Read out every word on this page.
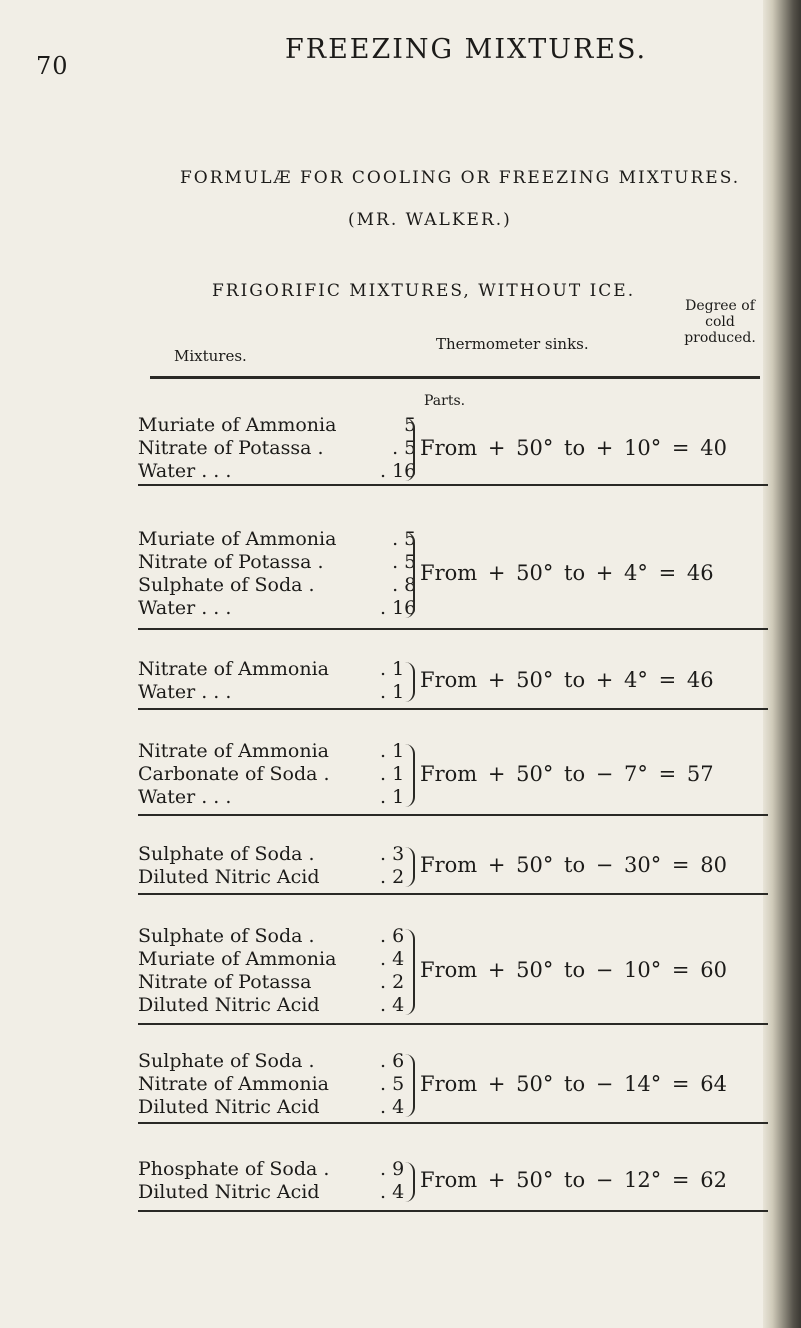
70
FREEZING MIXTURES.
FORMULÆ FOR COOLING OR FREEZING MIXTURES.
(MR. WALKER.)
FRIGORIFIC MIXTURES, WITHOUT ICE.
Mixtures.
Thermometer sinks.
Degree of
cold
produced.
Parts.
Muriate of Ammonia
Nitrate of Potassa .
Water . . .
5
. 5
. 16
From + 50° to + 10° = 40
Muriate of Ammonia
Nitrate of Potassa .
Sulphate of Soda .
Water . . .
. 5
. 5
. 8
. 16
From + 50° to + 4° = 46
Nitrate of Ammonia
Water . . .
. 1
. 1 From + 50° to + 4° = 46
Nitrate of Ammonia
Carbonate of Soda .
Water . . .
. 1
. 1
. 1
From + 50° to − 7° = 57
Sulphate of Soda .
Diluted Nitric Acid
. 3
. 2 From + 50° to − 30° = 80
Sulphate of Soda .
Muriate of Ammonia
Nitrate of Potassa
Diluted Nitric Acid
. 6
. 4
. 2
. 4
From + 50° to − 10° = 60
Sulphate of Soda .
Nitrate of Ammonia
Diluted Nitric Acid
. 6
. 5
. 4
From + 50° to − 14° = 64
Phosphate of Soda .
Diluted Nitric Acid
. 9
. 4 From + 50° to − 12° = 62
